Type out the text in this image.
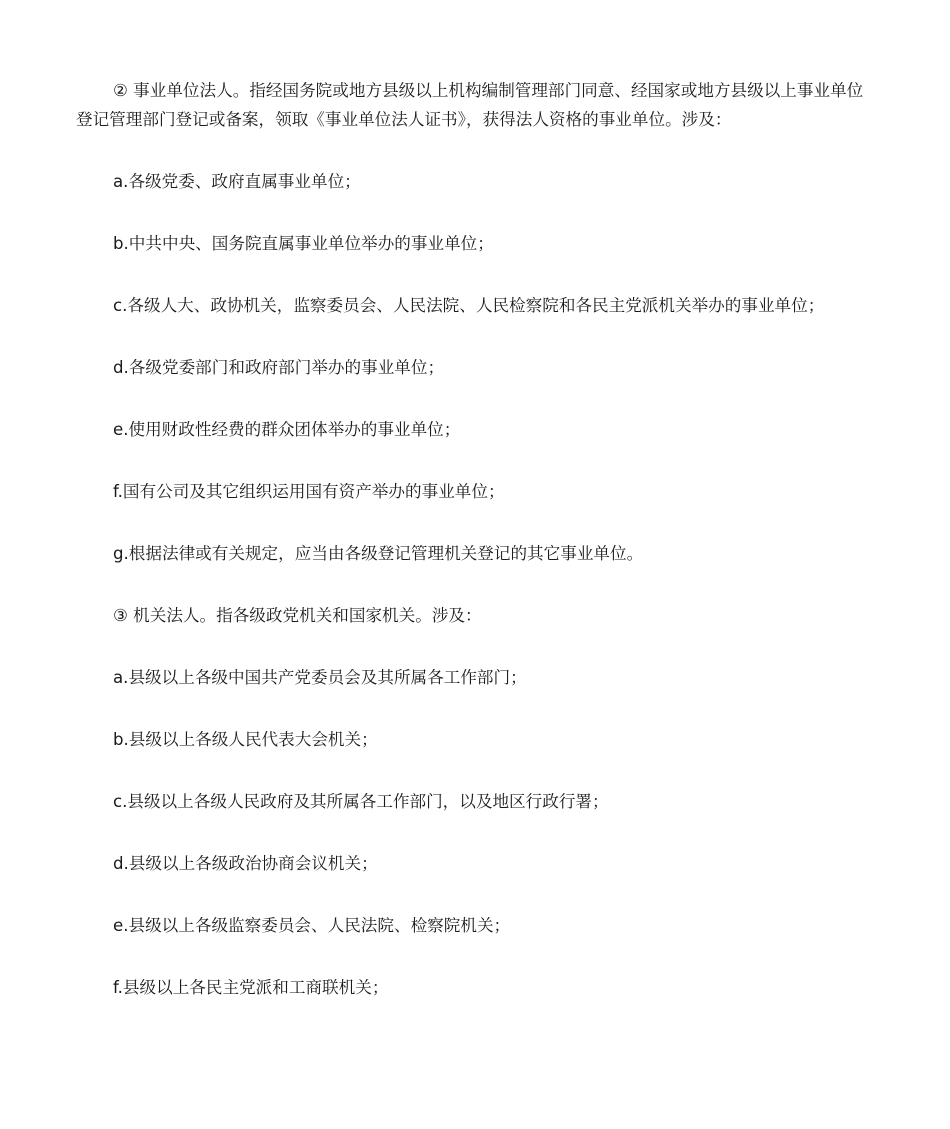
② 事业单位法人。指经国务院或地方县级以上机构编制管理部门同意、经国家或地方县级以上事业单位登记管理部门登记或备案，领取《事业单位法人证书》，获得法人资格的事业单位。涉及：

a.各级党委、政府直属事业单位；

b.中共中央、国务院直属事业单位举办的事业单位；

c.各级人大、政协机关，监察委员会、人民法院、人民检察院和各民主党派机关举办的事业单位；

d.各级党委部门和政府部门举办的事业单位；

e.使用财政性经费的群众团体举办的事业单位；

f.国有公司及其它组织运用国有资产举办的事业单位；

g.根据法律或有关规定，应当由各级登记管理机关登记的其它事业单位。

③ 机关法人。指各级政党机关和国家机关。涉及：

a.县级以上各级中国共产党委员会及其所属各工作部门；

b.县级以上各级人民代表大会机关；

c.县级以上各级人民政府及其所属各工作部门，以及地区行政行署；

d.县级以上各级政治协商会议机关；

e.县级以上各级监察委员会、人民法院、检察院机关；

f.县级以上各民主党派和工商联机关；
